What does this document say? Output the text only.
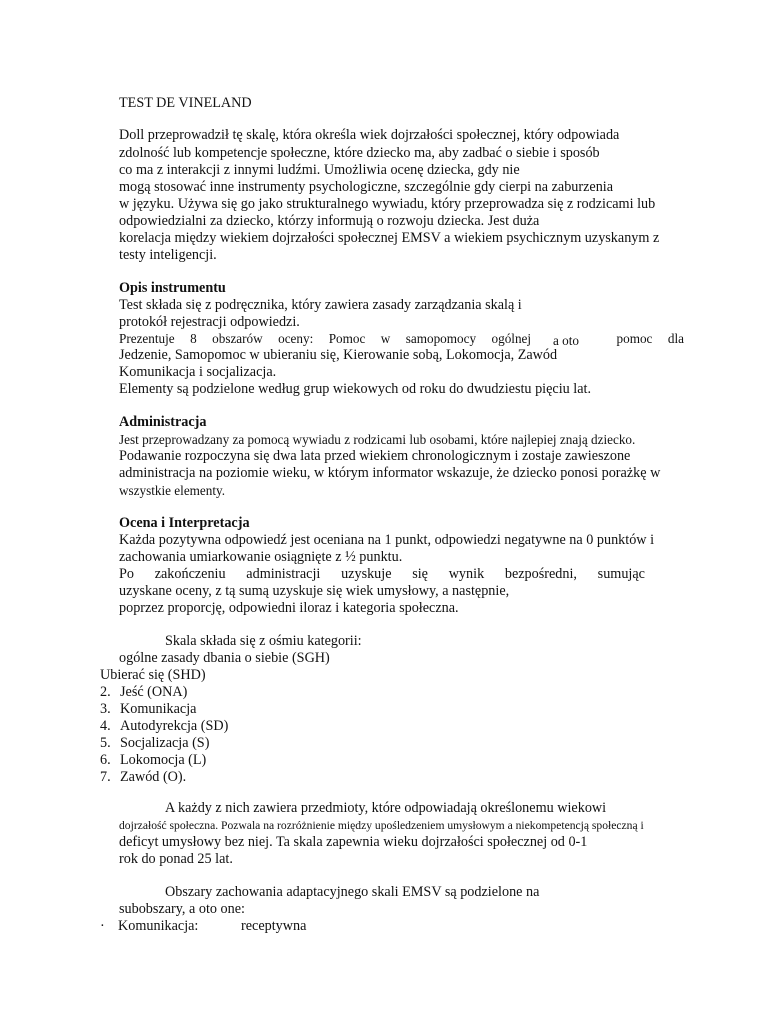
TEST DE VINELAND
Doll przeprowadził tę skalę, która określa wiek dojrzałości społecznej, który odpowiada
zdolność lub kompetencje społeczne, które dziecko ma, aby zadbać o siebie i sposób
co ma z interakcji z innymi ludźmi. Umożliwia ocenę dziecka, gdy nie
mogą stosować inne instrumenty psychologiczne, szczególnie gdy cierpi na zaburzenia
w języku. Używa się go jako strukturalnego wywiadu, który przeprowadza się z rodzicami lub
odpowiedzialni za dziecko, którzy informują o rozwoju dziecka. Jest duża
korelacja między wiekiem dojrzałości społecznej EMSV a wiekiem psychicznym uzyskanym z
testy inteligencji.
Opis instrumentu
Test składa się z podręcznika, który zawiera zasady zarządzania skalą i
protokół rejestracji odpowiedzi.
Prezentuje 8 obszarów oceny: Pomoc w samopomocy ogólnej	pomoc dla
a oto
Jedzenie, Samopomoc w ubieraniu się, Kierowanie sobą, Lokomocja, Zawód
Komunikacja i socjalizacja.
Elementy są podzielone według grup wiekowych od roku do dwudziestu pięciu lat.
Administracja
Jest przeprowadzany za pomocą wywiadu z rodzicami lub osobami, które najlepiej znają dziecko.
Podawanie rozpoczyna się dwa lata przed wiekiem chronologicznym i zostaje zawieszone
administracja na poziomie wieku, w którym informator wskazuje, że dziecko ponosi porażkę w
wszystkie elementy.
Ocena i Interpretacja
Każda pozytywna odpowiedź jest oceniana na 1 punkt, odpowiedzi negatywne na 0 punktów i
zachowania umiarkowanie osiągnięte z ½ punktu.
Po zakończeniu administracji uzyskuje się wynik bezpośredni, sumując
uzyskane oceny, z tą sumą uzyskuje się wiek umysłowy, a następnie,
poprzez proporcję, odpowiedni iloraz i kategoria społeczna.
Skala składa się z ośmiu kategorii:
ogólne zasady dbania o siebie (SGH)
Ubierać się (SHD)
2. Jeść (ONA)
3. Komunikacja
4. Autodyrekcja (SD)
5. Socjalizacja (S)
6. Lokomocja (L)
7. Zawód (O).
A każdy z nich zawiera przedmioty, które odpowiadają określonemu wiekowi
dojrzałość społeczna. Pozwala na rozróżnienie między upośledzeniem umysłowym a niekompetencją społeczną i
deficyt umysłowy bez niej. Ta skala zapewnia wieku dojrzałości społecznej od 0-1
rok do ponad 25 lat.
Obszary zachowania adaptacyjnego skali EMSV są podzielone na
subobszary, a oto one:
· Komunikacja:	receptywna
